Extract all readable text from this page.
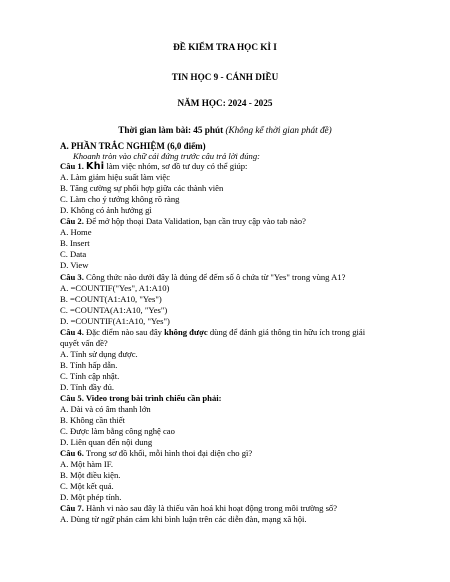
ĐỀ KIỂM TRA HỌC KÌ I
TIN HỌC 9 - CÁNH DIỀU
NĂM HỌC: 2024 - 2025
Thời gian làm bài: 45 phút (Không kể thời gian phát đề)
A. PHẦN TRẮC NGHIỆM (6,0 điểm)
Khoanh tròn vào chữ cái đứng trước câu trả lời đúng:
Câu 1. Khi làm việc nhóm, sơ đồ tư duy có thể giúp:
A. Làm giảm hiệu suất làm việc
B. Tăng cường sự phối hợp giữa các thành viên
C. Làm cho ý tưởng không rõ ràng
D. Không có ảnh hưởng gì
Câu 2. Để mở hộp thoại Data Validation, bạn cần truy cập vào tab nào?
A. Home
B. Insert
C. Data
D. View
Câu 3. Công thức nào dưới đây là đúng để đếm số ô chứa từ "Yes" trong vùng A1?
A. =COUNTIF("Yes", A1:A10)
B. =COUNT(A1:A10, "Yes")
C. =COUNTA(A1:A10, "Yes")
D. =COUNTIF(A1:A10, "Yes")
Câu 4. Đặc điểm nào sau đây không được dùng để đánh giá thông tin hữu ích trong giải
quyết vấn đề?
A. Tính sử dụng được.
B. Tính hấp dẫn.
C. Tính cập nhật.
D. Tính đầy đủ.
Câu 5. Video trong bài trình chiếu cần phải:
A. Dài và có âm thanh lớn
B. Không cần thiết
C. Được làm bằng công nghệ cao
D. Liên quan đến nội dung
Câu 6. Trong sơ đồ khối, mỗi hình thoi đại diện cho gì?
A. Một hàm IF.
B. Một điều kiện.
C. Một kết quả.
D. Một phép tính.
Câu 7. Hành vi nào sau đây là thiếu văn hoá khi hoạt động trong môi trường số?
A. Dùng từ ngữ phản cảm khi bình luận trên các diễn đàn, mạng xã hội.
